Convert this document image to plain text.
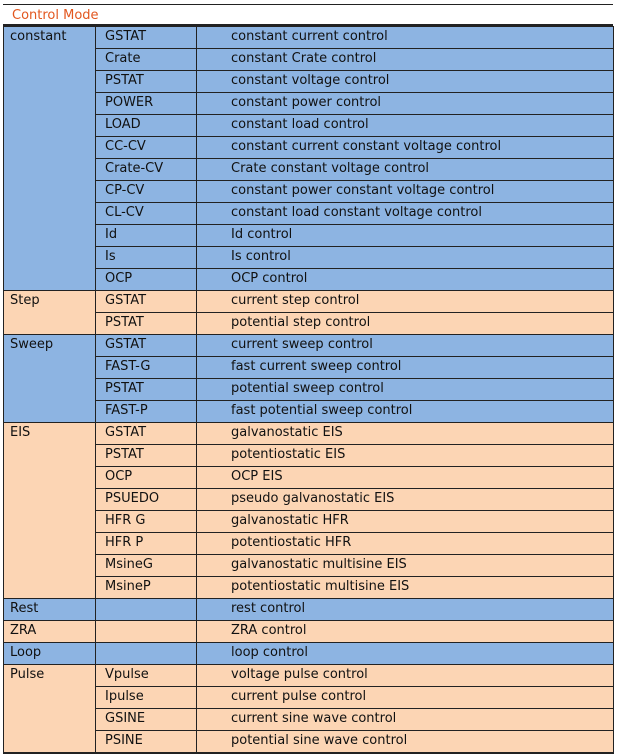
Control Mode
constant	GSTAT	constant current control
	Crate	constant Crate control
	PSTAT	constant voltage control
	POWER	constant power control
	LOAD	constant load control
	CC-CV	constant current constant voltage control
	Crate-CV	Crate constant voltage control
	CP-CV	constant power constant voltage control
	CL-CV	constant load constant voltage control
	Id	Id control
	Is	Is control
	OCP	OCP control
Step	GSTAT	current step control
	PSTAT	potential step control
Sweep	GSTAT	current sweep control
	FAST-G	fast current sweep control
	PSTAT	potential sweep control
	FAST-P	fast potential sweep control
EIS	GSTAT	galvanostatic EIS
	PSTAT	potentiostatic EIS
	OCP	OCP EIS
	PSUEDO	pseudo galvanostatic EIS
	HFR G	galvanostatic HFR
	HFR P	potentiostatic HFR
	MsineG	galvanostatic multisine EIS
	MsineP	potentiostatic multisine EIS
Rest		rest control
ZRA		ZRA control
Loop		loop control
Pulse	Vpulse	voltage pulse control
	Ipulse	current pulse control
	GSINE	current sine wave control
	PSINE	potential sine wave control
